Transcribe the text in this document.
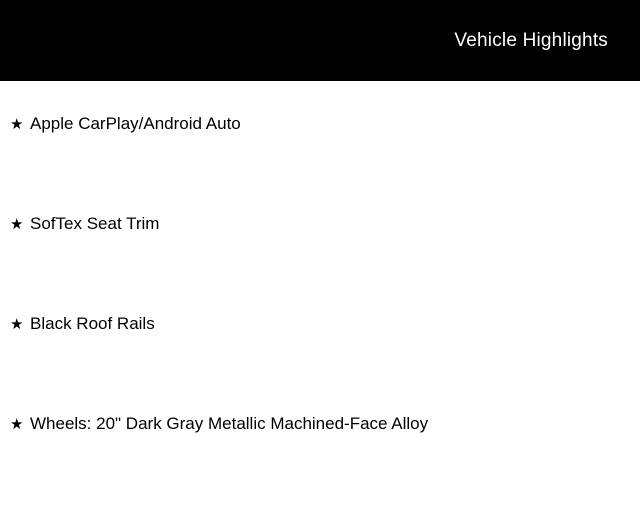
Vehicle Highlights
★ Apple CarPlay/Android Auto
★ SofTex Seat Trim
★ Black Roof Rails
★ Wheels: 20" Dark Gray Metallic Machined-Face Alloy
